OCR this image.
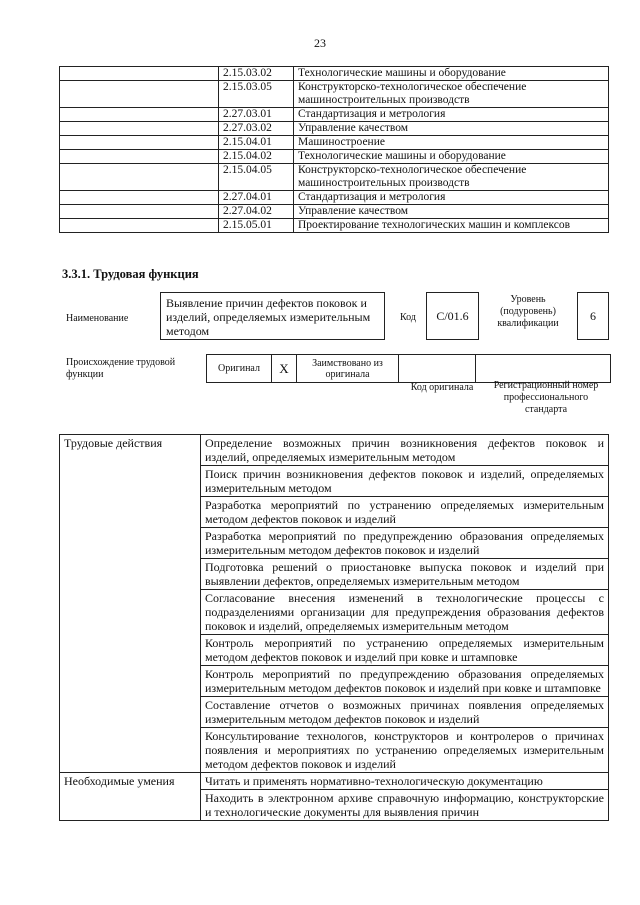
23
	2.15.03.02	Технологические машины и оборудование
	2.15.03.05	Конструкторско-технологическое обеспечение машиностроительных производств
	2.27.03.01	Стандартизация и метрология
	2.27.03.02	Управление качеством
	2.15.04.01	Машиностроение
	2.15.04.02	Технологические машины и оборудование
	2.15.04.05	Конструкторско-технологическое обеспечение машиностроительных производств
	2.27.04.01	Стандартизация и метрология
	2.27.04.02	Управление качеством
	2.15.05.01	Проектирование технологических машин и комплексов
3.3.1. Трудовая функция
Наименование
Выявление причин дефектов поковок и изделий, определяемых измерительным методом
Код	C/01.6
Уровень (подуровень) квалификации
6
Происхождение трудовой функции
Оригинал	X	Заимствовано из оригинала		
Код оригинала	Регистрационный номер профессионального стандарта
Трудовые действия	Определение возможных причин возникновения дефектов поковок и изделий, определяемых измерительным методом
	Поиск причин возникновения дефектов поковок и изделий, определяемых измерительным методом
	Разработка мероприятий по устранению определяемых измерительным методом дефектов поковок и изделий
	Разработка мероприятий по предупреждению образования определяемых измерительным методом дефектов поковок и изделий
	Подготовка решений о приостановке выпуска поковок и изделий при выявлении дефектов, определяемых измерительным методом
	Согласование внесения изменений в технологические процессы с подразделениями организации для предупреждения образования дефектов поковок и изделий, определяемых измерительным методом
	Контроль мероприятий по устранению определяемых измерительным методом дефектов поковок и изделий при ковке и штамповке
	Контроль мероприятий по предупреждению образования определяемых измерительным методом дефектов поковок и изделий при ковке и штамповке
	Составление отчетов о возможных причинах появления определяемых измерительным методом дефектов поковок и изделий
	Консультирование технологов, конструкторов и контролеров о причинах появления и мероприятиях по устранению определяемых измерительным методом дефектов поковок и изделий
Необходимые умения	Читать и применять нормативно-технологическую документацию
	Находить в электронном архиве справочную информацию, конструкторские и технологические документы для выявления причин
